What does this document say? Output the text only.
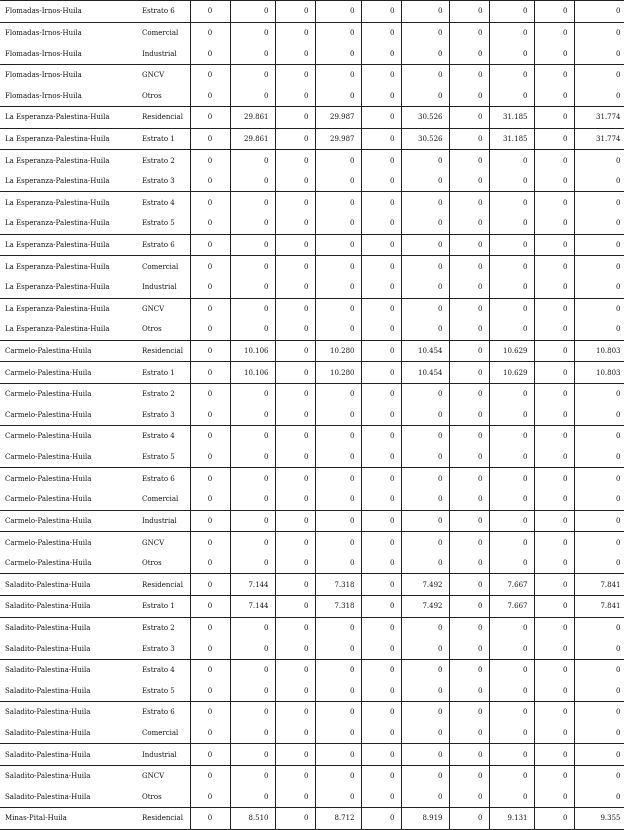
Flomadas-Irnos-Huila	Estrato 6	0	0	0	0	0	0	0	0	0	0
Flomadas-Irnos-Huila	Comercial	0	0	0	0	0	0	0	0	0	0
Flomadas-Irnos-Huila	Industrial	0	0	0	0	0	0	0	0	0	0
Flomadas-Irnos-Huila	GNCV	0	0	0	0	0	0	0	0	0	0
Flomadas-Irnos-Huila	Otros	0	0	0	0	0	0	0	0	0	0
La Esperanza-Palestina-Huila	Residencial	0	29.861	0	29.987	0	30.526	0	31.185	0	31.774
La Esperanza-Palestina-Huila	Estrato 1	0	29.861	0	29.987	0	30.526	0	31.185	0	31.774
La Esperanza-Palestina-Huila	Estrato 2	0	0	0	0	0	0	0	0	0	0
La Esperanza-Palestina-Huila	Estrato 3	0	0	0	0	0	0	0	0	0	0
La Esperanza-Palestina-Huila	Estrato 4	0	0	0	0	0	0	0	0	0	0
La Esperanza-Palestina-Huila	Estrato 5	0	0	0	0	0	0	0	0	0	0
La Esperanza-Palestina-Huila	Estrato 6	0	0	0	0	0	0	0	0	0	0
La Esperanza-Palestina-Huila	Comercial	0	0	0	0	0	0	0	0	0	0
La Esperanza-Palestina-Huila	Industrial	0	0	0	0	0	0	0	0	0	0
La Esperanza-Palestina-Huila	GNCV	0	0	0	0	0	0	0	0	0	0
La Esperanza-Palestina-Huila	Otros	0	0	0	0	0	0	0	0	0	0
Carmelo-Palestina-Huila	Residencial	0	10.106	0	10.280	0	10.454	0	10.629	0	10.803
Carmelo-Palestina-Huila	Estrato 1	0	10.106	0	10.280	0	10.454	0	10.629	0	10.803
Carmelo-Palestina-Huila	Estrato 2	0	0	0	0	0	0	0	0	0	0
Carmelo-Palestina-Huila	Estrato 3	0	0	0	0	0	0	0	0	0	0
Carmelo-Palestina-Huila	Estrato 4	0	0	0	0	0	0	0	0	0	0
Carmelo-Palestina-Huila	Estrato 5	0	0	0	0	0	0	0	0	0	0
Carmelo-Palestina-Huila	Estrato 6	0	0	0	0	0	0	0	0	0	0
Carmelo-Palestina-Huila	Comercial	0	0	0	0	0	0	0	0	0	0
Carmelo-Palestina-Huila	Industrial	0	0	0	0	0	0	0	0	0	0
Carmelo-Palestina-Huila	GNCV	0	0	0	0	0	0	0	0	0	0
Carmelo-Palestina-Huila	Otros	0	0	0	0	0	0	0	0	0	0
Saladito-Palestina-Huila	Residencial	0	7.144	0	7.318	0	7.492	0	7.667	0	7.841
Saladito-Palestina-Huila	Estrato 1	0	7.144	0	7.318	0	7.492	0	7.667	0	7.841
Saladito-Palestina-Huila	Estrato 2	0	0	0	0	0	0	0	0	0	0
Saladito-Palestina-Huila	Estrato 3	0	0	0	0	0	0	0	0	0	0
Saladito-Palestina-Huila	Estrato 4	0	0	0	0	0	0	0	0	0	0
Saladito-Palestina-Huila	Estrato 5	0	0	0	0	0	0	0	0	0	0
Saladito-Palestina-Huila	Estrato 6	0	0	0	0	0	0	0	0	0	0
Saladito-Palestina-Huila	Comercial	0	0	0	0	0	0	0	0	0	0
Saladito-Palestina-Huila	Industrial	0	0	0	0	0	0	0	0	0	0
Saladito-Palestina-Huila	GNCV	0	0	0	0	0	0	0	0	0	0
Saladito-Palestina-Huila	Otros	0	0	0	0	0	0	0	0	0	0
Minas-Pital-Huila	Residencial	0	8.510	0	8.712	0	8.919	0	9.131	0	9.355
